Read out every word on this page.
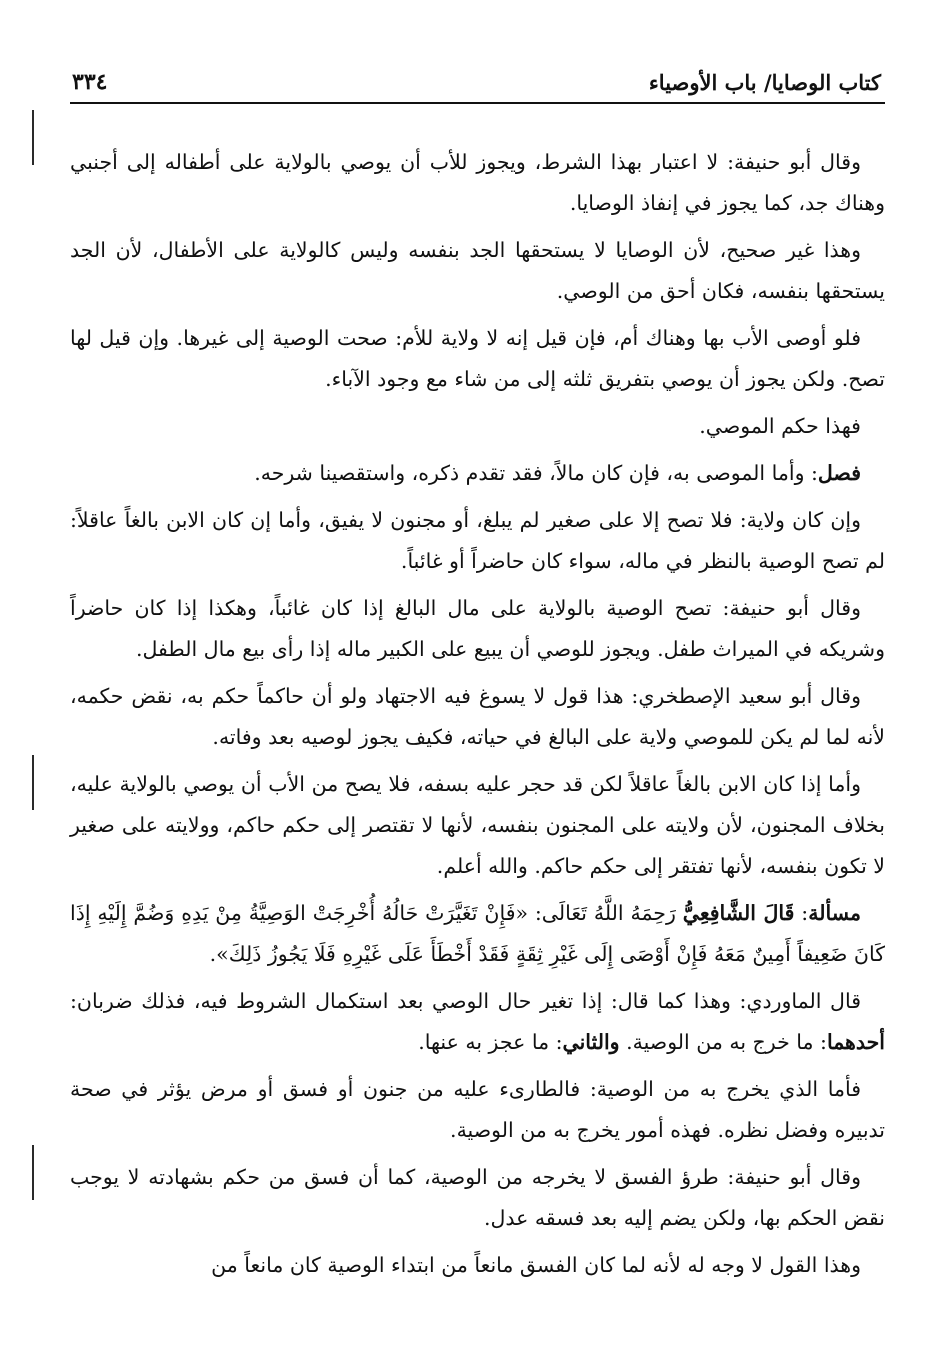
كتاب الوصايا/ باب الأوصياء
٣٣٤

وقال أبو حنيفة: لا اعتبار بهذا الشرط، ويجوز للأب أن يوصي بالولاية على أطفاله إلى أجنبي وهناك جد، كما يجوز في إنفاذ الوصايا.

وهذا غير صحيح، لأن الوصايا لا يستحقها الجد بنفسه وليس كالولاية على الأطفال، لأن الجد يستحقها بنفسه، فكان أحق من الوصي.

فلو أوصى الأب بها وهناك أم، فإن قيل إنه لا ولاية للأم: صحت الوصية إلى غيرها. وإن قيل لها تصح. ولكن يجوز أن يوصي بتفريق ثلثه إلى من شاء مع وجود الآباء.

فهذا حكم الموصي.

فصل: وأما الموصى به، فإن كان مالاً، فقد تقدم ذكره، واستقصينا شرحه.

وإن كان ولاية: فلا تصح إلا على صغير لم يبلغ، أو مجنون لا يفيق، وأما إن كان الابن بالغاً عاقلاً: لم تصح الوصية بالنظر في ماله، سواء كان حاضراً أو غائباً.

وقال أبو حنيفة: تصح الوصية بالولاية على مال البالغ إذا كان غائباً، وهكذا إذا كان حاضراً وشريكه في الميراث طفل. ويجوز للوصي أن يبيع على الكبير ماله إذا رأى بيع مال الطفل.

وقال أبو سعيد الإصطخري: هذا قول لا يسوغ فيه الاجتهاد ولو أن حاكماً حكم به، نقض حكمه، لأنه لما لم يكن للموصي ولاية على البالغ في حياته، فكيف يجوز لوصيه بعد وفاته.

وأما إذا كان الابن بالغاً عاقلاً لكن قد حجر عليه بسفه، فلا يصح من الأب أن يوصي بالولاية عليه، بخلاف المجنون، لأن ولايته على المجنون بنفسه، لأنها لا تقتصر إلى حكم حاكم، وولايته على صغير لا تكون بنفسه، لأنها تفتقر إلى حكم حاكم. والله أعلم.

مسألة: قَالَ الشَّافِعِيُّ رَحِمَهُ اللَّهُ تَعَالَى: «فَإِنْ تَغَيَّرَتْ حَالُهُ أُخْرِجَتْ الوَصِيَّةُ مِنْ يَدِهِ وَضُمَّ إِلَيْهِ إِذَا كَانَ ضَعِيفاً أَمِينٌ مَعَهُ فَإِنْ أَوْصَى إِلَى غَيْرِ ثِقَةٍ فَقَدْ أَخْطَأَ عَلَى غَيْرِهِ فَلَا يَجُوزُ ذَلِكَ».

قال الماوردي: وهذا كما قال: إذا تغير حال الوصي بعد استكمال الشروط فيه، فذلك ضربان: أحدهما: ما خرج به من الوصية. والثاني: ما عجز به عنها.

فأما الذي يخرج به من الوصية: فالطارىء عليه من جنون أو فسق أو مرض يؤثر في صحة تدبيره وفضل نظره. فهذه أمور يخرج به من الوصية.

وقال أبو حنيفة: طرؤ الفسق لا يخرجه من الوصية، كما أن فسق من حكم بشهادته لا يوجب نقض الحكم بها، ولكن يضم إليه بعد فسقه عدل.

وهذا القول لا وجه له لأنه لما كان الفسق مانعاً من ابتداء الوصية كان مانعاً من
